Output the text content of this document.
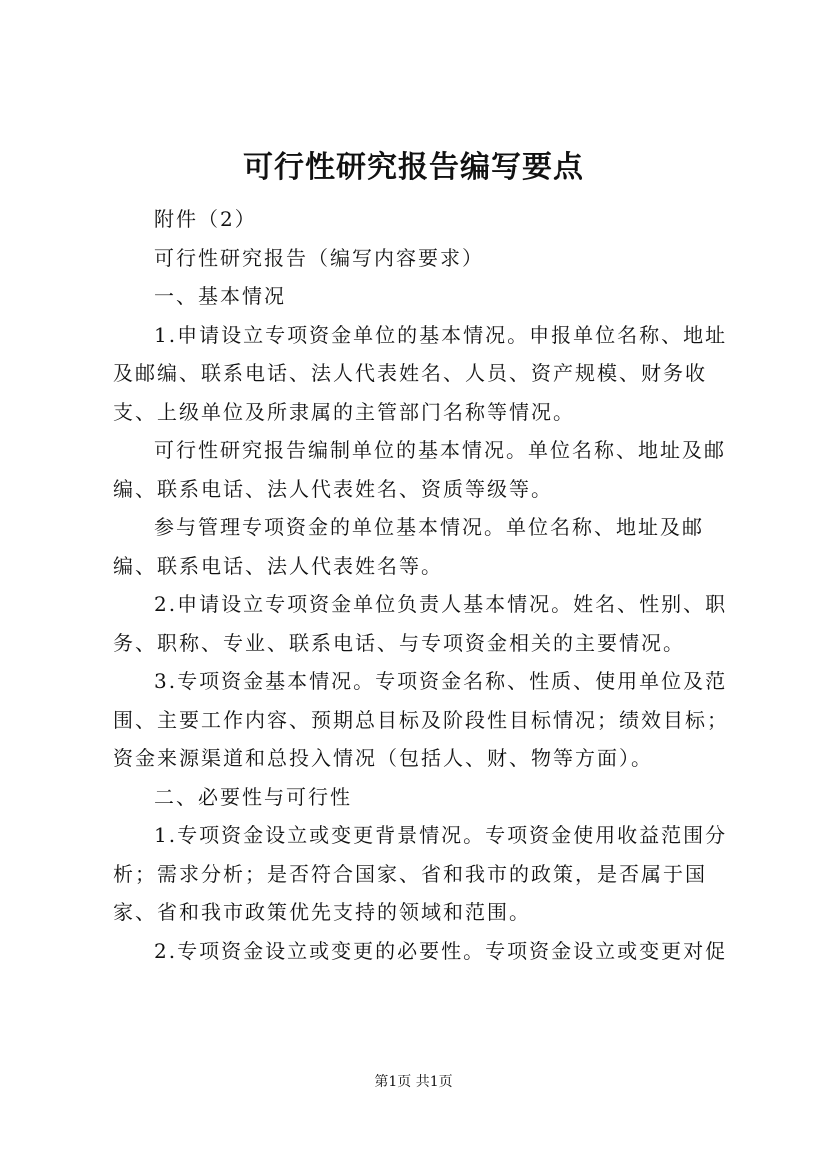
可行性研究报告编写要点

附件（2）

可行性研究报告（编写内容要求）

一、基本情况

1.申请设立专项资金单位的基本情况。申报单位名称、地址及邮编、联系电话、法人代表姓名、人员、资产规模、财务收支、上级单位及所隶属的主管部门名称等情况。

可行性研究报告编制单位的基本情况。单位名称、地址及邮编、联系电话、法人代表姓名、资质等级等。

参与管理专项资金的单位基本情况。单位名称、地址及邮编、联系电话、法人代表姓名等。

2.申请设立专项资金单位负责人基本情况。姓名、性别、职务、职称、专业、联系电话、与专项资金相关的主要情况。

3.专项资金基本情况。专项资金名称、性质、使用单位及范围、主要工作内容、预期总目标及阶段性目标情况；绩效目标；资金来源渠道和总投入情况（包括人、财、物等方面）。

二、必要性与可行性

1.专项资金设立或变更背景情况。专项资金使用收益范围分析；需求分析；是否符合国家、省和我市的政策，是否属于国家、省和我市政策优先支持的领域和范围。

2.专项资金设立或变更的必要性。专项资金设立或变更对促

第1页 共1页
